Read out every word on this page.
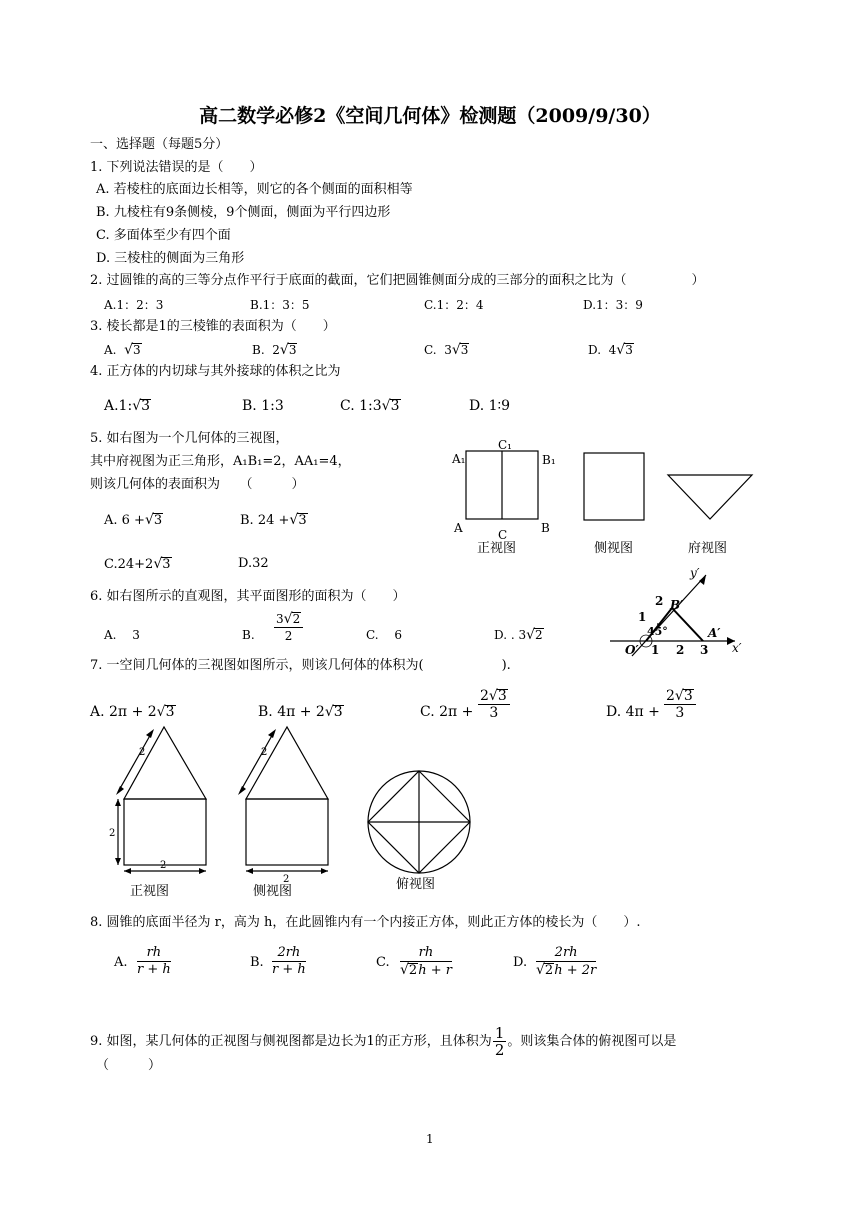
高二数学必修2《空间几何体》检测题（2009/9/30）
一、选择题（每题5分）
1. 下列说法错误的是（　　）
A. 若棱柱的底面边长相等，则它的各个侧面的面积相等
B. 九棱柱有9条侧棱，9个侧面，侧面为平行四边形
C. 多面体至少有四个面
D. 三棱柱的侧面为三角形
2. 过圆锥的高的三等分点作平行于底面的截面，它们把圆锥侧面分成的三部分的面积之比为（　　　　　）
A.1：2：3	B.1：3：5	C.1：2：4	D.1：3：9
3. 棱长都是1的三棱锥的表面积为（　　）
A. √3	B. 2√3	C. 3√3	D. 4√3
4. 正方体的内切球与其外接球的体积之比为
A.1:√3	B. 1:3	C. 1:3√3	D. 1∶9
5. 如右图为一个几何体的三视图，
其中府视图为正三角形，A₁B₁=2，AA₁=4，
则该几何体的表面积为　　（　　　）
A. 6 +√3	B. 24 +√3
C.24+2√3	D.32
A₁
C₁
B₁
A	C	B
正视图	侧视图	府视图
6. 如右图所示的直观图，其平面图形的面积为（　　）
A.　 3	B. $\frac{3√2}{2}$	C.　 6	D. . 3√2
y′
B′
A′
O′	x′
1 2 3
1
2
45°
7. 一空间几何体的三视图如图所示，则该几何体的体积为(　　　　　　).
A. 2π + 2√3	B. 4π + 2√3	C. $2\pi + \frac{2√3}{3}$	D. $4\pi + \frac{2√3}{3}$
2
2
2
2
2
正视图	侧视图	俯视图
8. 圆锥的底面半径为 r，高为 h，在此圆锥内有一个内接正方体，则此正方体的棱长为（　　）.
A. $\frac{rh}{r + h}$	B. $\frac{2rh}{r + h}$	C. $\frac{rh}{√2h + r}$	D. $\frac{2rh}{√2h + 2r}$
9. 如图，某几何体的正视图与侧视图都是边长为1的正方形，且体积为 $\frac{1}{2}$ 。则该集合体的俯视图可以是
（　　　）
1
